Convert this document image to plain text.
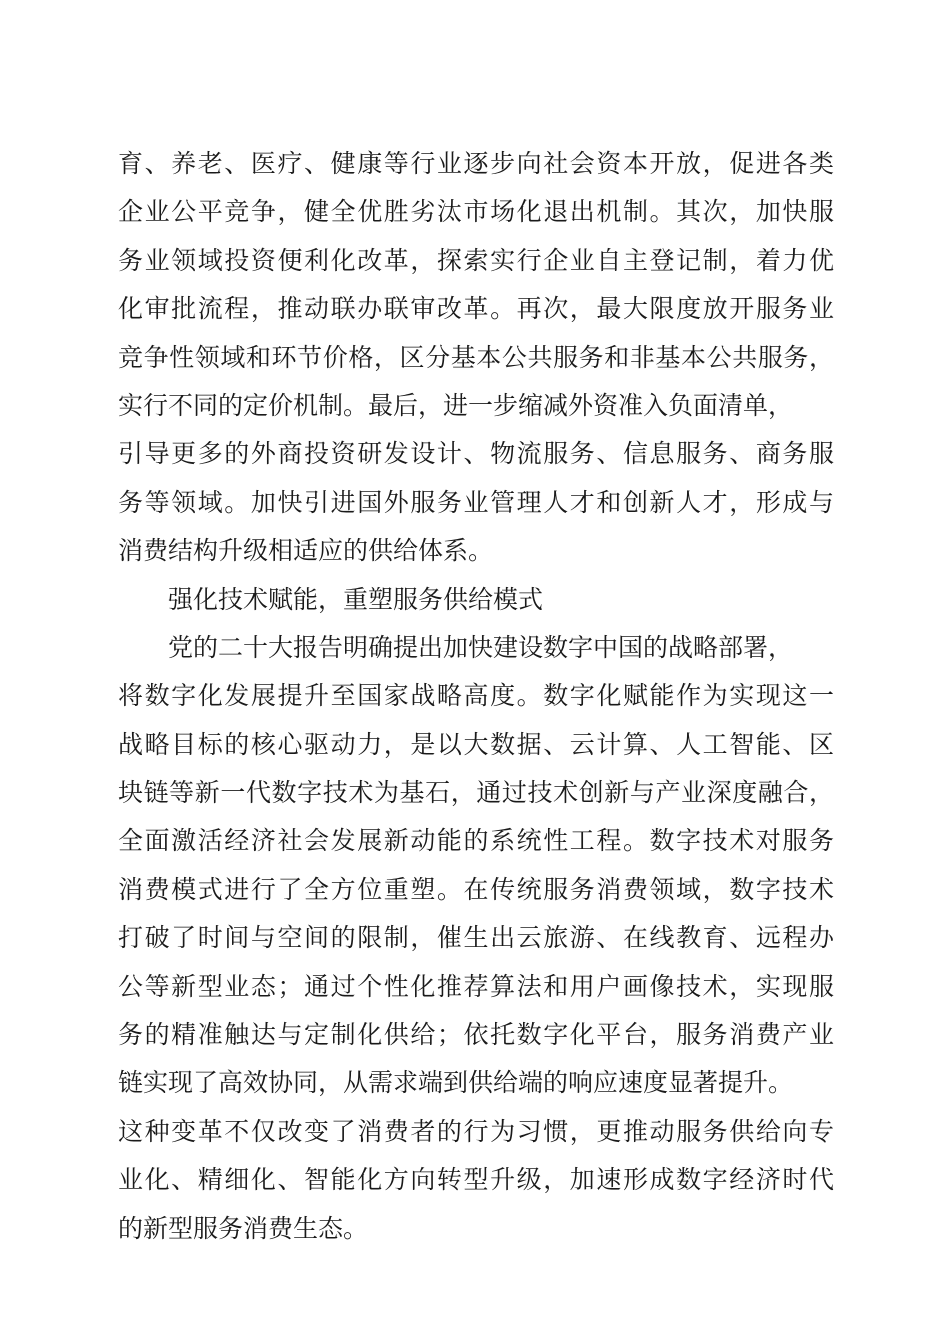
育、养老、医疗、健康等行业逐步向社会资本开放，促进各类
企业公平竞争，健全优胜劣汰市场化退出机制。其次，加快服
务业领域投资便利化改革，探索实行企业自主登记制，着力优
化审批流程，推动联办联审改革。再次，最大限度放开服务业
竞争性领域和环节价格，区分基本公共服务和非基本公共服务，
实行不同的定价机制。最后，进一步缩减外资准入负面清单，
引导更多的外商投资研发设计、物流服务、信息服务、商务服
务等领域。加快引进国外服务业管理人才和创新人才，形成与
消费结构升级相适应的供给体系。
强化技术赋能，重塑服务供给模式
党的二十大报告明确提出加快建设数字中国的战略部署，
将数字化发展提升至国家战略高度。数字化赋能作为实现这一
战略目标的核心驱动力，是以大数据、云计算、人工智能、区
块链等新一代数字技术为基石，通过技术创新与产业深度融合，
全面激活经济社会发展新动能的系统性工程。数字技术对服务
消费模式进行了全方位重塑。在传统服务消费领域，数字技术
打破了时间与空间的限制，催生出云旅游、在线教育、远程办
公等新型业态；通过个性化推荐算法和用户画像技术，实现服
务的精准触达与定制化供给；依托数字化平台，服务消费产业
链实现了高效协同，从需求端到供给端的响应速度显著提升。
这种变革不仅改变了消费者的行为习惯，更推动服务供给向专
业化、精细化、智能化方向转型升级，加速形成数字经济时代
的新型服务消费生态。
